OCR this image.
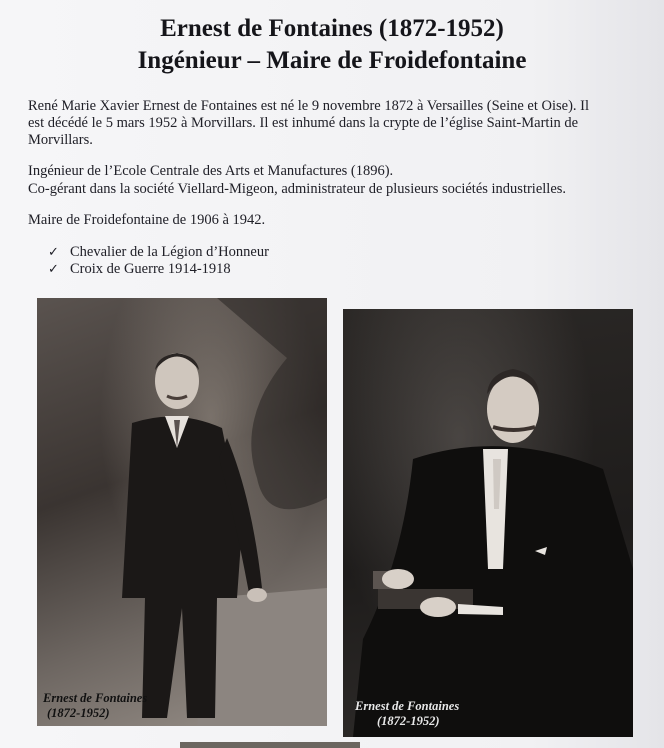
Ernest de Fontaines (1872-1952)
Ingénieur – Maire de Froidefontaine
René Marie Xavier Ernest de Fontaines est né le 9 novembre 1872 à Versailles (Seine et Oise). Il
est décédé le 5 mars 1952 à Morvillars. Il est inhumé dans la crypte de l’église Saint-Martin de
Morvillars.
Ingénieur de l’Ecole Centrale des Arts et Manufactures (1896).
Co-gérant dans la société Viellard-Migeon, administrateur de plusieurs sociétés industrielles.
Maire de Froidefontaine de 1906 à 1942.
✓ Chevalier de la Légion d’Honneur
✓ Croix de Guerre 1914-1918
Ernest de Fontaines
(1872-1952)	Ernest de Fontaines
(1872-1952)
